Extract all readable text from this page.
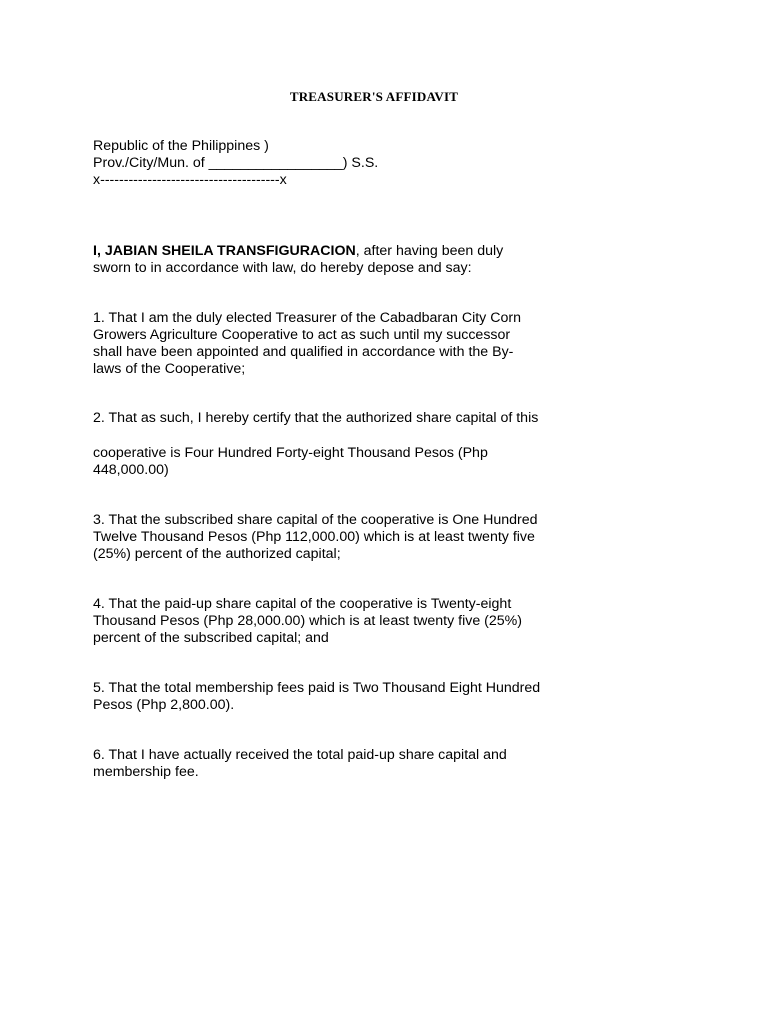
TREASURER'S AFFIDAVIT
Republic of the Philippines )
Prov./City/Mun. of _________________) S.S.
x--------------------------------------x
I, JABIAN SHEILA TRANSFIGURACION, after having been duly
sworn to in accordance with law, do hereby depose and say:
1. That I am the duly elected Treasurer of the Cabadbaran City Corn
Growers Agriculture Cooperative to act as such until my successor
shall have been appointed and qualified in accordance with the By-
laws of the Cooperative;
2. That as such, I hereby certify that the authorized share capital of this
cooperative is Four Hundred Forty-eight Thousand Pesos (Php
448,000.00)
3. That the subscribed share capital of the cooperative is One Hundred
Twelve Thousand Pesos (Php 112,000.00) which is at least twenty five
(25%) percent of the authorized capital;
4. That the paid-up share capital of the cooperative is Twenty-eight
Thousand Pesos (Php 28,000.00) which is at least twenty five (25%)
percent of the subscribed capital; and
5. That the total membership fees paid is Two Thousand Eight Hundred
Pesos (Php 2,800.00).
6. That I have actually received the total paid-up share capital and
membership fee.
